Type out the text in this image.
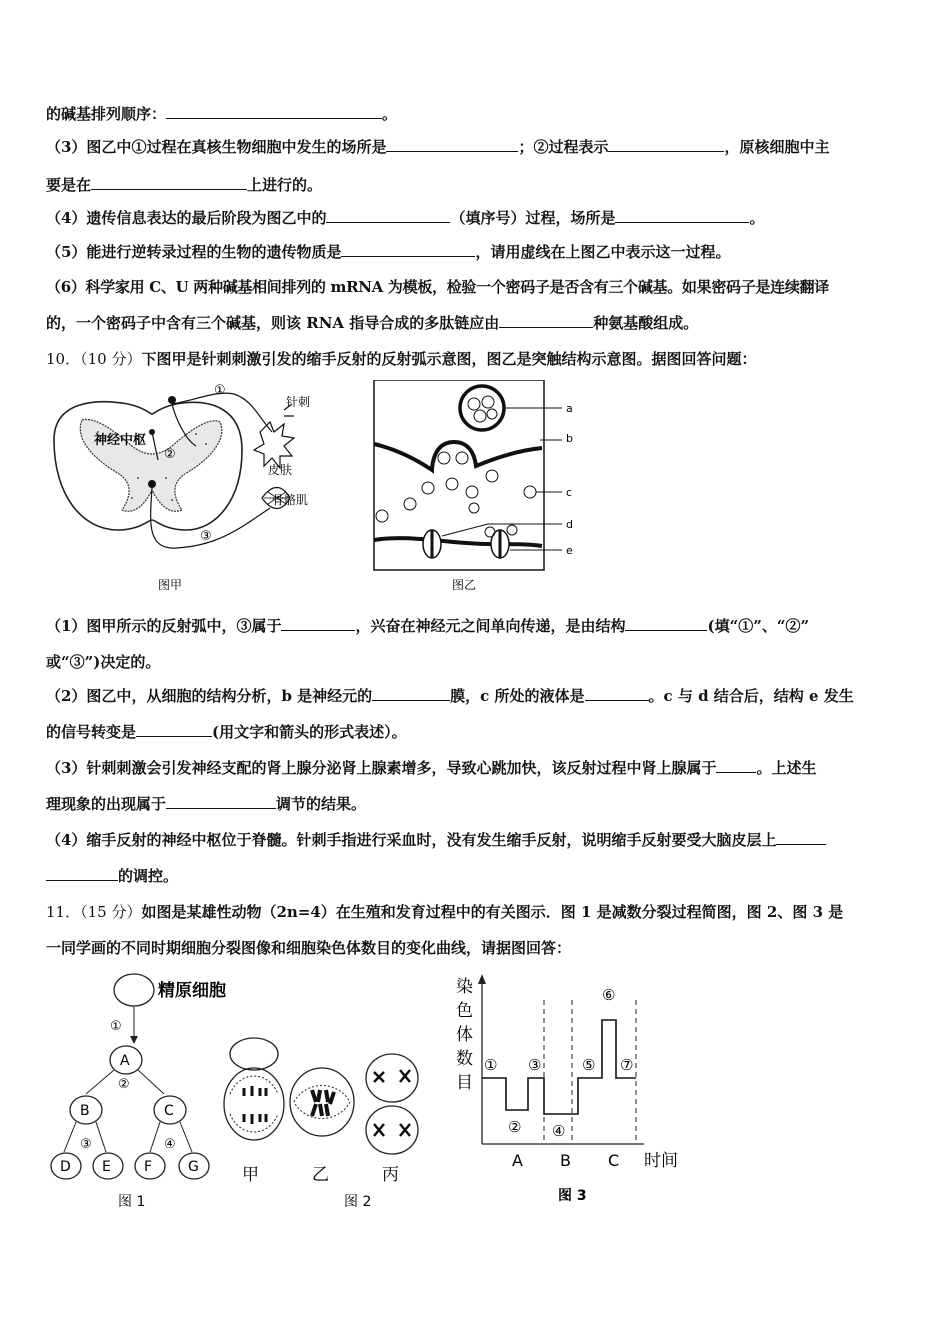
的碱基排列顺序：	。
（3）图乙中①过程在真核生物细胞中发生的场所是	；②过程表示	，原核细胞中主
要是在	上进行的。
（4）遗传信息表达的最后阶段为图乙中的	（填序号）过程，场所是	。
（5）能进行逆转录过程的生物的遗传物质是	，请用虚线在上图乙中表示这一过程。
（6）科学家用 C、U 两种碱基相间排列的 mRNA 为模板，检验一个密码子是否含有三个碱基。如果密码子是连续翻译
的，一个密码子中含有三个碱基，则该 RNA 指导合成的多肽链应由	种氨基酸组成。
10．（10 分）下图甲是针刺刺激引发的缩手反射的反射弧示意图，图乙是突触结构示意图。据图回答问题：
神经中枢
①
②
③
针刺
皮肤
骨骼肌
图甲
a
b
c
d
e
图乙
（1）图甲所示的反射弧中，③属于	，兴奋在神经元之间单向传递，是由结构	(填“①”、“②”
或“③”)决定的。
（2）图乙中，从细胞的结构分析，b 是神经元的	膜，c 所处的液体是	。c 与 d 结合后，结构 e 发生
的信号转变是	(用文字和箭头的形式表述）。
（3）针刺刺激会引发神经支配的肾上腺分泌肾上腺素增多，导致心跳加快，该反射过程中肾上腺属于	。上述生
理现象的出现属于	调节的结果。
（4）缩手反射的神经中枢位于脊髓。针刺手指进行采血时，没有发生缩手反射，说明缩手反射要受大脑皮层上
的调控。
11．（15 分）如图是某雄性动物（2n=4）在生殖和发育过程中的有关图示．图 1 是减数分裂过程简图，图 2、图 3 是
一同学画的不同时期细胞分裂图像和细胞染色体数目的变化曲线，请据图回答：
精原细胞
①
A
②
B	C
③	④
D E F	G
图 1
甲	乙	丙
图 2
染
色
体
数
目
①
②
③
④
⑤
⑥
⑦
A B C 时间
图 3
